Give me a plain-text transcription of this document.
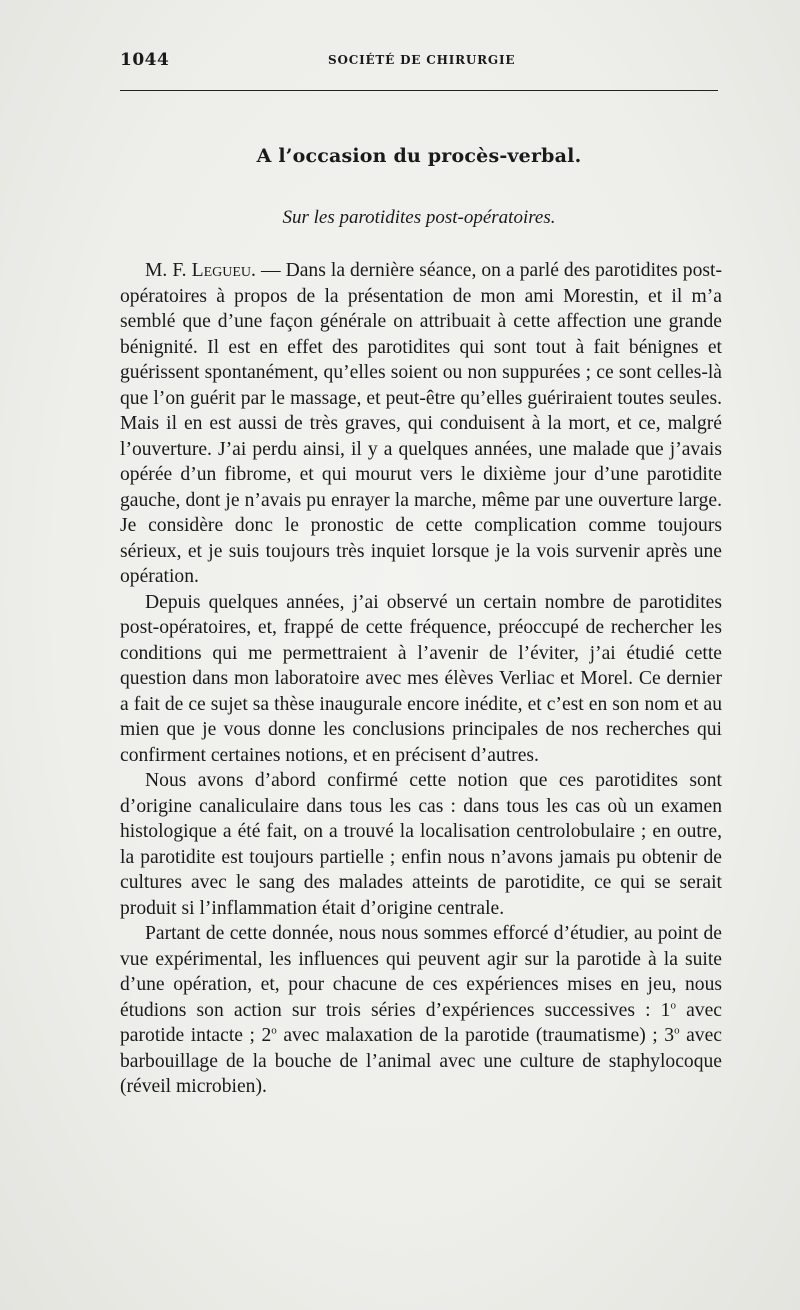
1044	SOCIÉTÉ DE CHIRURGIE
A l’occasion du procès-verbal.
Sur les parotidites post-opératoires.

M. F. Legueu. — Dans la dernière séance, on a parlé des parotidites post-opératoires à propos de la présentation de mon ami Morestin, et il m’a semblé que d’une façon générale on attribuait à cette affection une grande bénignité. Il est en effet des parotidites qui sont tout à fait bénignes et guérissent spontanément, qu’elles soient ou non suppurées ; ce sont celles-là que l’on guérit par le massage, et peut-être qu’elles guériraient toutes seules. Mais il en est aussi de très graves, qui conduisent à la mort, et ce, malgré l’ouverture. J’ai perdu ainsi, il y a quelques années, une malade que j’avais opérée d’un fibrome, et qui mourut vers le dixième jour d’une parotidite gauche, dont je n’avais pu enrayer la marche, même par une ouverture large. Je considère donc le pronostic de cette complication comme toujours sérieux, et je suis toujours très inquiet lorsque je la vois survenir après une opération.

Depuis quelques années, j’ai observé un certain nombre de parotidites post-opératoires, et, frappé de cette fréquence, préoccupé de rechercher les conditions qui me permettraient à l’avenir de l’éviter, j’ai étudié cette question dans mon laboratoire avec mes élèves Verliac et Morel. Ce dernier a fait de ce sujet sa thèse inaugurale encore inédite, et c’est en son nom et au mien que je vous donne les conclusions principales de nos recherches qui confirment certaines notions, et en précisent d’autres.

Nous avons d’abord confirmé cette notion que ces parotidites sont d’origine canaliculaire dans tous les cas : dans tous les cas où un examen histologique a été fait, on a trouvé la localisation centrolobulaire ; en outre, la parotidite est toujours partielle ; enfin nous n’avons jamais pu obtenir de cultures avec le sang des malades atteints de parotidite, ce qui se serait produit si l’inflammation était d’origine centrale.

Partant de cette donnée, nous nous sommes efforcé d’étudier, au point de vue expérimental, les influences qui peuvent agir sur la parotide à la suite d’une opération, et, pour chacune de ces expériences mises en jeu, nous étudions son action sur trois séries d’expériences successives : 1$^o$ avec parotide intacte ; 2$^o$ avec malaxation de la parotide (traumatisme) ; 3$^o$ avec barbouillage de la bouche de l’animal avec une culture de staphylocoque (réveil microbien).
